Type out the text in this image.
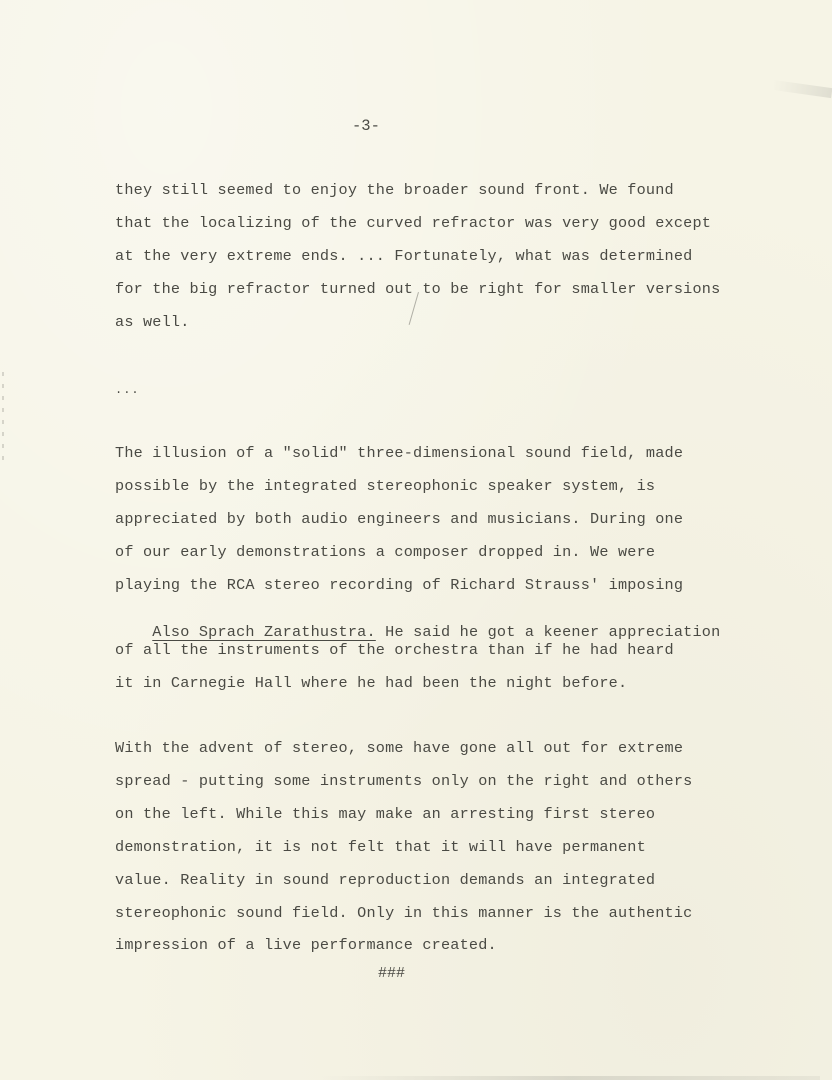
-3-

they still seemed to enjoy the broader sound front. We found

that the localizing of the curved refractor was very good except

at the very extreme ends. ... Fortunately, what was determined

for the big refractor turned out to be right for smaller versions

as well.

...

The illusion of a "solid" three-dimensional sound field, made

possible by the integrated stereophonic speaker system, is

appreciated by both audio engineers and musicians. During one

of our early demonstrations a composer dropped in. We were

playing the RCA stereo recording of Richard Strauss' imposing

Also Sprach Zarathustra. He said he got a keener appreciation

of all the instruments of the orchestra than if he had heard

it in Carnegie Hall where he had been the night before.

With the advent of stereo, some have gone all out for extreme

spread - putting some instruments only on the right and others

on the left. While this may make an arresting first stereo

demonstration, it is not felt that it will have permanent

value. Reality in sound reproduction demands an integrated

stereophonic sound field. Only in this manner is the authentic

impression of a live performance created.

###
